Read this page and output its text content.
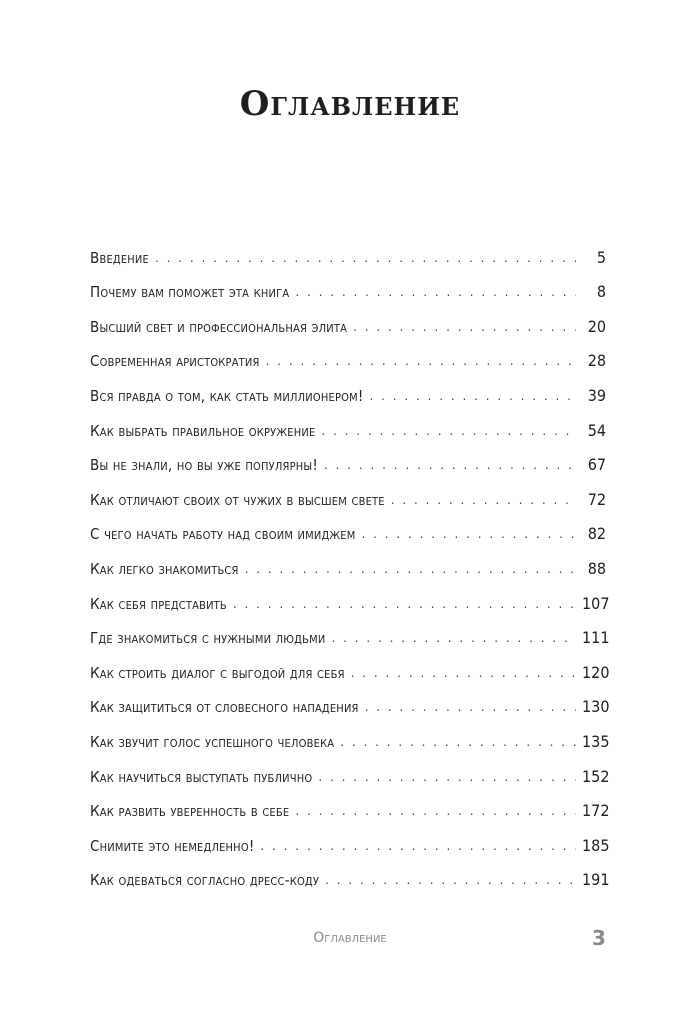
Оглавление
Введение . . .	5
Почему вам поможет эта книга . . .	8
Высший свет и профессиональная элита . . .	20
Современная аристократия . . .	28
Вся правда о том, как стать миллионером! . . .	39
Как выбрать правильное окружение . . .	54
Вы не знали, но вы уже популярны! . . .	67
Как отличают своих от чужих в высшем свете . . .	72
С чего начать работу над своим имиджем . . .	82
Как легко знакомиться . . .	88
Как себя представить . . .	107
Где знакомиться с нужными людьми . . .	111
Как строить диалог с выгодой для себя . . .	120
Как защититься от словесного нападения . . .	130
Как звучит голос успешного человека . . .	135
Как научиться выступать публично . . .	152
Как развить уверенность в себе . . .	172
Снимите это немедленно! . . .	185
Как одеваться согласно дресс-коду . . .	191
Оглавление	3
